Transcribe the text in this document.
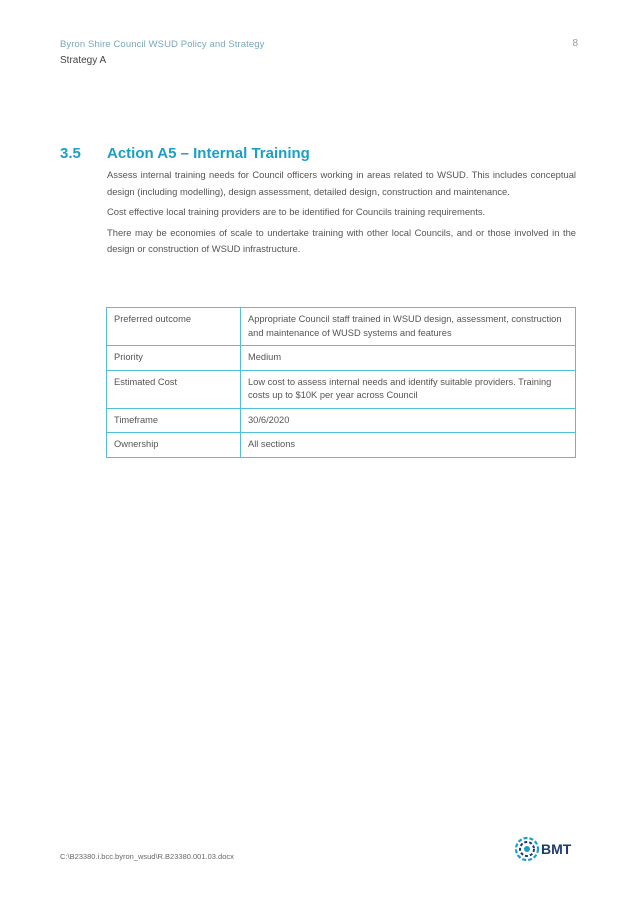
Byron Shire Council WSUD Policy and Strategy	8
Strategy A
3.5	Action A5 – Internal Training

Assess internal training needs for Council officers working in areas related to WSUD. This includes conceptual design (including modelling), design assessment, detailed design, construction and maintenance.

Cost effective local training providers are to be identified for Councils training requirements.

There may be economies of scale to undertake training with other local Councils, and or those involved in the design or construction of WSUD infrastructure.

Preferred outcome	Appropriate Council staff trained in WSUD design, assessment, construction and maintenance of WUSD systems and features
Priority	Medium
Estimated Cost	Low cost to assess internal needs and identify suitable providers. Training costs up to $10K per year across Council
Timeframe	30/6/2020
Ownership	All sections
C:\B23380.i.bcc.byron_wsud\R.B23380.001.03.docx	BMT
